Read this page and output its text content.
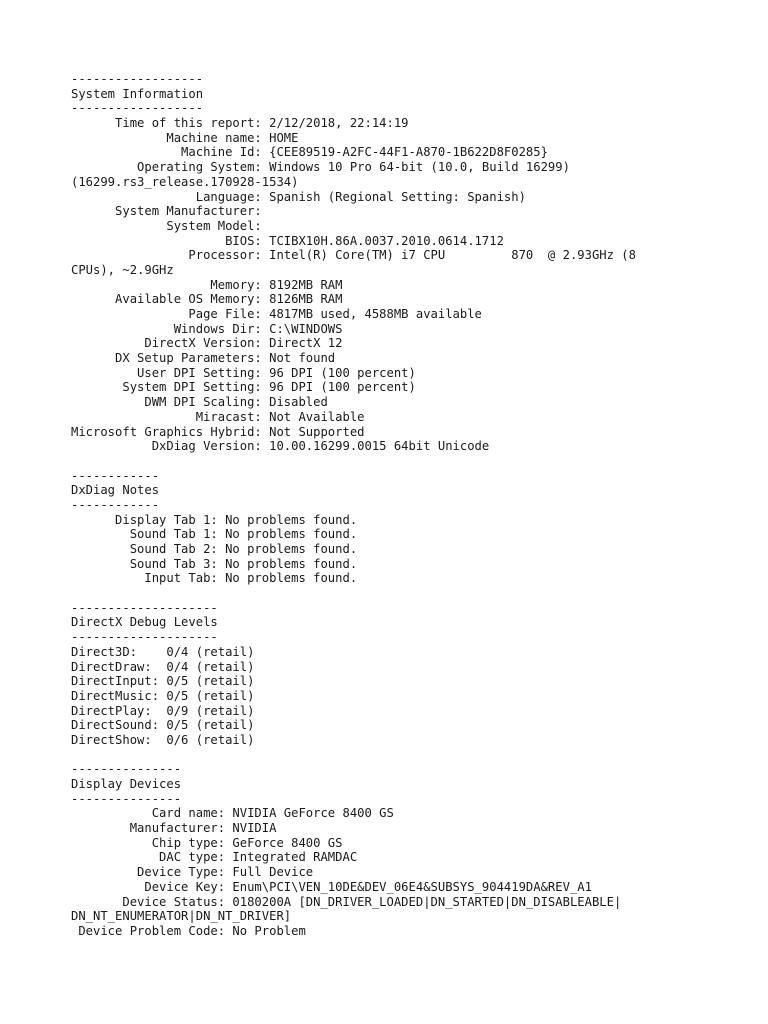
------------------
System Information
------------------
Time of this report: 2/12/2018, 22:14:19
Machine name: HOME
Machine Id: {CEE89519-A2FC-44F1-A870-1B622D8F0285}
Operating System: Windows 10 Pro 64-bit (10.0, Build 16299)
(16299.rs3_release.170928-1534)
Language: Spanish (Regional Setting: Spanish)
System Manufacturer:
System Model:
BIOS: TCIBX10H.86A.0037.2010.0614.1712
Processor: Intel(R) Core(TM) i7 CPU         870  @ 2.93GHz (8
CPUs), ~2.9GHz
Memory: 8192MB RAM
Available OS Memory: 8126MB RAM
Page File: 4817MB used, 4588MB available
Windows Dir: C:\WINDOWS
DirectX Version: DirectX 12
DX Setup Parameters: Not found
User DPI Setting: 96 DPI (100 percent)
System DPI Setting: 96 DPI (100 percent)
DWM DPI Scaling: Disabled
Miracast: Not Available
Microsoft Graphics Hybrid: Not Supported
DxDiag Version: 10.00.16299.0015 64bit Unicode
------------
DxDiag Notes
------------
Display Tab 1: No problems found.
Sound Tab 1: No problems found.
Sound Tab 2: No problems found.
Sound Tab 3: No problems found.
Input Tab: No problems found.
--------------------
DirectX Debug Levels
--------------------
Direct3D:    0/4 (retail)
DirectDraw:  0/4 (retail)
DirectInput: 0/5 (retail)
DirectMusic: 0/5 (retail)
DirectPlay:  0/9 (retail)
DirectSound: 0/5 (retail)
DirectShow:  0/6 (retail)
---------------
Display Devices
---------------
Card name: NVIDIA GeForce 8400 GS
Manufacturer: NVIDIA
Chip type: GeForce 8400 GS
DAC type: Integrated RAMDAC
Device Type: Full Device
Device Key: Enum\PCI\VEN_10DE&DEV_06E4&SUBSYS_904419DA&REV_A1
Device Status: 0180200A [DN_DRIVER_LOADED|DN_STARTED|DN_DISABLEABLE|
DN_NT_ENUMERATOR|DN_NT_DRIVER]
Device Problem Code: No Problem
